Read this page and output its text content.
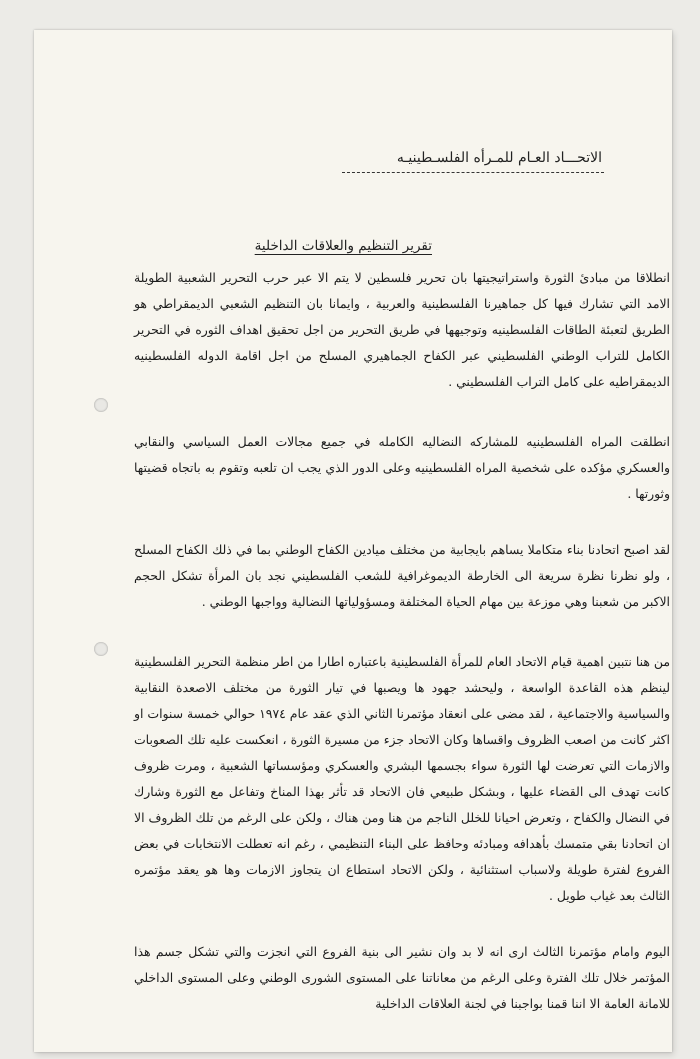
الاتحـــاد العـام للمـرأه الفلسـطينيـه
تقرير التنظيم والعلاقات الداخلية

انطلاقا من مبادئ الثورة واستراتيجيتها بان تحرير فلسطين لا يتم الا عبر حرب التحرير الشعبية الطويلة الامد التي تشارك فيها كل جماهيرنا الفلسطينية والعربية ، وايمانا بان التنظيم الشعبي الديمقراطي هو الطريق لتعبئة الطاقات الفلسطينيه وتوجيهها في طريق التحرير من اجل تحقيق اهداف الثوره في التحرير الكامل للتراب الوطني الفلسطيني عبر الكفاح الجماهيري المسلح من اجل اقامة الدوله الفلسطينيه الديمقراطيه على كامل التراب الفلسطيني .

انطلقت المراه الفلسطينيه للمشاركه النضاليه الكامله في جميع مجالات العمل السياسي والنقابي والعسكري مؤكده على شخصية المراه الفلسطينيه وعلى الدور الذي يجب ان تلعبه وتقوم به باتجاه قضيتها وثورتها .

لقد اصبح اتحادنا بناء متكاملا يساهم بايجابية من مختلف ميادين الكفاح الوطني بما في ذلك الكفاح المسلح ، ولو نظرنا نظرة سريعة الى الخارطة الديموغرافية للشعب الفلسطيني نجد بان المرأة تشكل الحجم الاكبر من شعبنا وهي موزعة بين مهام الحياة المختلفة ومسؤولياتها النضالية وواجبها الوطني .

من هنا نتبين اهمية قيام الاتحاد العام للمرأة الفلسطينية باعتباره اطارا من اطر منظمة التحرير الفلسطينية لينظم هذه القاعدة الواسعة ، وليحشد جهود ها ويصبها في تيار الثورة من مختلف الاصعدة النقابية والسياسية والاجتماعية ، لقد مضى على انعقاد مؤتمرنا الثاني الذي عقد عام ١٩٧٤ حوالي خمسة سنوات او اكثر كانت من اصعب الظروف واقساها وكان الاتحاد جزء من مسيرة الثورة ، انعكست عليه تلك الصعوبات والازمات التي تعرضت لها الثورة سواء بجسمها البشري والعسكري ومؤسساتها الشعبية ، ومرت ظروف كانت تهدف الى القضاء عليها ، وبشكل طبيعي فان الاتحاد قد تأثر بهذا المناخ وتفاعل مع الثورة وشارك في النضال والكفاح ، وتعرض احيانا للخلل الناجم من هنا ومن هناك ، ولكن على الرغم من تلك الظروف الا ان اتحادنا بقي متمسك بأهدافه ومبادئه وحافظ على البناء التنظيمي ، رغم انه تعطلت الانتخابات في بعض الفروع لفترة طويلة ولاسباب استثنائية ، ولكن الاتحاد استطاع ان يتجاوز الازمات وها هو يعقد مؤتمره الثالث بعد غياب طويل .

اليوم وامام مؤتمرنا الثالث ارى انه لا بد وان نشير الى بنية الفروع التي انجزت والتي تشكل جسم هذا المؤتمر خلال تلك الفترة وعلى الرغم من معاناتنا على المستوى الشورى الوطني وعلى المستوى الداخلي للامانة العامة الا اننا قمنا بواجبنا في لجنة العلاقات الداخلية
